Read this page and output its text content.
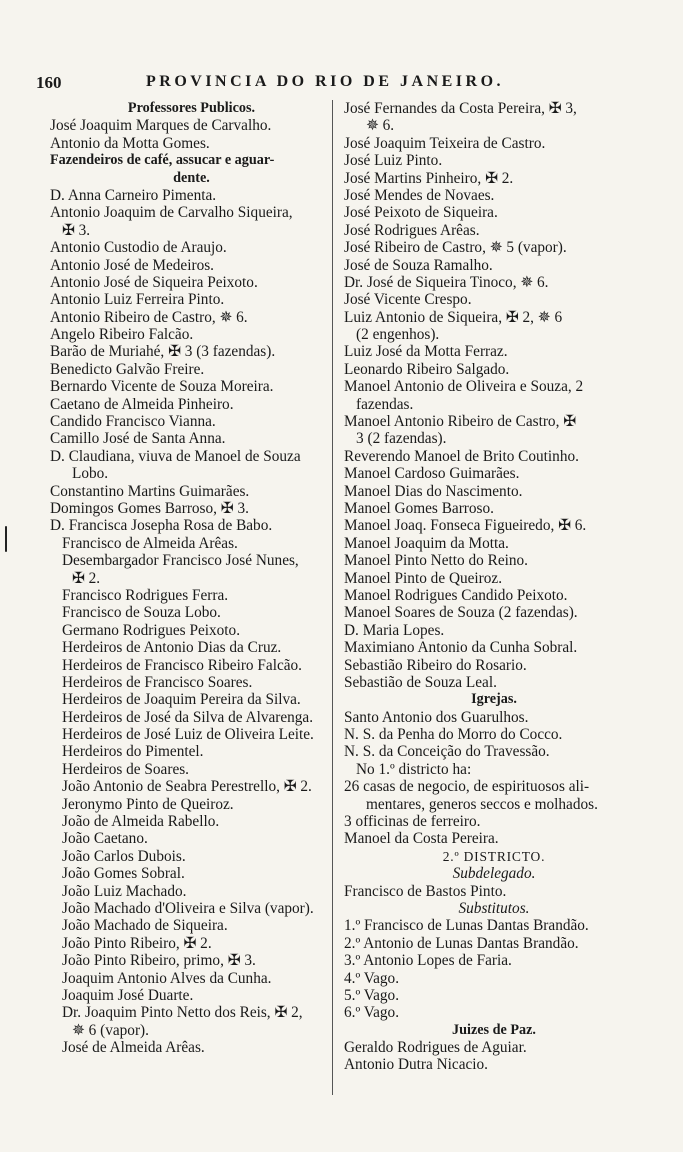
160	PROVINCIA DO RIO DE JANEIRO.
Professores Publicos.
José Joaquim Marques de Carvalho.
Antonio da Motta Gomes.
Fazendeiros de café, assucar e aguar-
dente.
D. Anna Carneiro Pimenta.
Antonio Joaquim de Carvalho Siqueira,
✠ 3.
Antonio Custodio de Araujo.
Antonio José de Medeiros.
Antonio José de Siqueira Peixoto.
Antonio Luiz Ferreira Pinto.
Antonio Ribeiro de Castro, ✵ 6.
Angelo Ribeiro Falcão.
Barão de Muriahé, ✠ 3 (3 fazendas).
Benedicto Galvão Freire.
Bernardo Vicente de Souza Moreira.
Caetano de Almeida Pinheiro.
Candido Francisco Vianna.
Camillo José de Santa Anna.
D. Claudiana, viuva de Manoel de Souza
Lobo.
Constantino Martins Guimarães.
Domingos Gomes Barroso, ✠ 3.
D. Francisca Josepha Rosa de Babo.
Francisco de Almeida Arêas.
Desembargador Francisco José Nunes,
✠ 2.
Francisco Rodrigues Ferra.
Francisco de Souza Lobo.
Germano Rodrigues Peixoto.
Herdeiros de Antonio Dias da Cruz.
Herdeiros de Francisco Ribeiro Falcão.
Herdeiros de Francisco Soares.
Herdeiros de Joaquim Pereira da Silva.
Herdeiros de José da Silva de Alvarenga.
Herdeiros de José Luiz de Oliveira Leite.
Herdeiros do Pimentel.
Herdeiros de Soares.
João Antonio de Seabra Perestrello, ✠ 2.
Jeronymo Pinto de Queiroz.
João de Almeida Rabello.
João Caetano.
João Carlos Dubois.
João Gomes Sobral.
João Luiz Machado.
João Machado d'Oliveira e Silva (vapor).
João Machado de Siqueira.
João Pinto Ribeiro, ✠ 2.
João Pinto Ribeiro, primo, ✠ 3.
Joaquim Antonio Alves da Cunha.
Joaquim José Duarte.
Dr. Joaquim Pinto Netto dos Reis, ✠ 2,
✵ 6 (vapor).
José de Almeida Arêas.
José Fernandes da Costa Pereira, ✠ 3,
✵ 6.
José Joaquim Teixeira de Castro.
José Luiz Pinto.
José Martins Pinheiro, ✠ 2.
José Mendes de Novaes.
José Peixoto de Siqueira.
José Rodrigues Arêas.
José Ribeiro de Castro, ✵ 5 (vapor).
José de Souza Ramalho.
Dr. José de Siqueira Tinoco, ✵ 6.
José Vicente Crespo.
Luiz Antonio de Siqueira, ✠ 2, ✵ 6
(2 engenhos).
Luiz José da Motta Ferraz.
Leonardo Ribeiro Salgado.
Manoel Antonio de Oliveira e Souza, 2
fazendas.
Manoel Antonio Ribeiro de Castro, ✠
3 (2 fazendas).
Reverendo Manoel de Brito Coutinho.
Manoel Cardoso Guimarães.
Manoel Dias do Nascimento.
Manoel Gomes Barroso.
Manoel Joaq. Fonseca Figueiredo, ✠ 6.
Manoel Joaquim da Motta.
Manoel Pinto Netto do Reino.
Manoel Pinto de Queiroz.
Manoel Rodrigues Candido Peixoto.
Manoel Soares de Souza (2 fazendas).
D. Maria Lopes.
Maximiano Antonio da Cunha Sobral.
Sebastião Ribeiro do Rosario.
Sebastião de Souza Leal.
Igrejas.
Santo Antonio dos Guarulhos.
N. S. da Penha do Morro do Cocco.
N. S. da Conceição do Travessão.
No 1.º districto ha:
26 casas de negocio, de espirituosos ali-
mentares, generos seccos e molhados.
3 officinas de ferreiro.
Manoel da Costa Pereira.
2.º DISTRICTO.
Subdelegado.
Francisco de Bastos Pinto.
Substitutos.
1.º Francisco de Lunas Dantas Brandão.
2.º Antonio de Lunas Dantas Brandão.
3.º Antonio Lopes de Faria.
4.º Vago.
5.º Vago.
6.º Vago.
Juizes de Paz.
Geraldo Rodrigues de Aguiar.
Antonio Dutra Nicacio.
